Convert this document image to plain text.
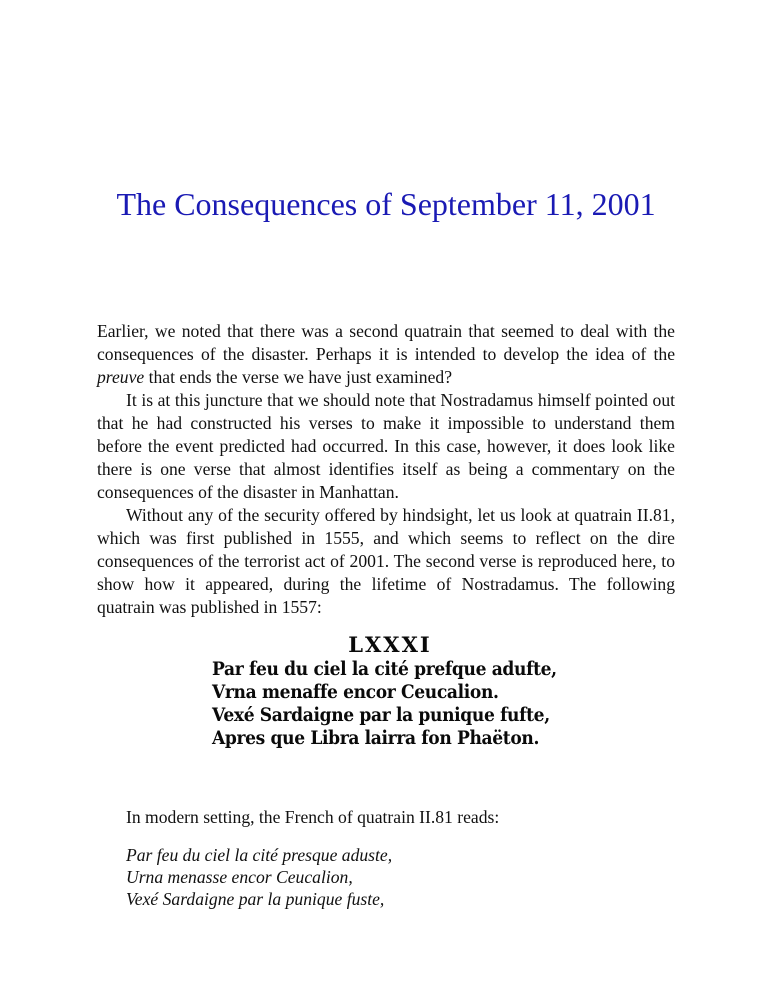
The Consequences of September 11, 2001

Earlier, we noted that there was a second quatrain that seemed to deal with the consequences of the disaster. Perhaps it is intended to develop the idea of the preuve that ends the verse we have just examined?

It is at this juncture that we should note that Nostradamus himself pointed out that he had constructed his verses to make it impossible to understand them before the event predicted had occurred. In this case, however, it does look like there is one verse that almost identifies itself as being a commentary on the consequences of the disaster in Manhattan.

Without any of the security offered by hindsight, let us look at quatrain II.81, which was first published in 1555, and which seems to reflect on the dire consequences of the terrorist act of 2001. The second verse is reproduced here, to show how it appeared, during the lifetime of Nostradamus. The following quatrain was published in 1557:

LXXXI
Par feu du ciel la cité prefque adufte,
Vrna menaffe encor Ceucalion.
Vexé Sardaigne par la punique fufte,
Apres que Libra lairra fon Phaëton.

In modern setting, the French of quatrain II.81 reads:

Par feu du ciel la cité presque aduste,
Urna menasse encor Ceucalion,
Vexé Sardaigne par la punique fuste,
